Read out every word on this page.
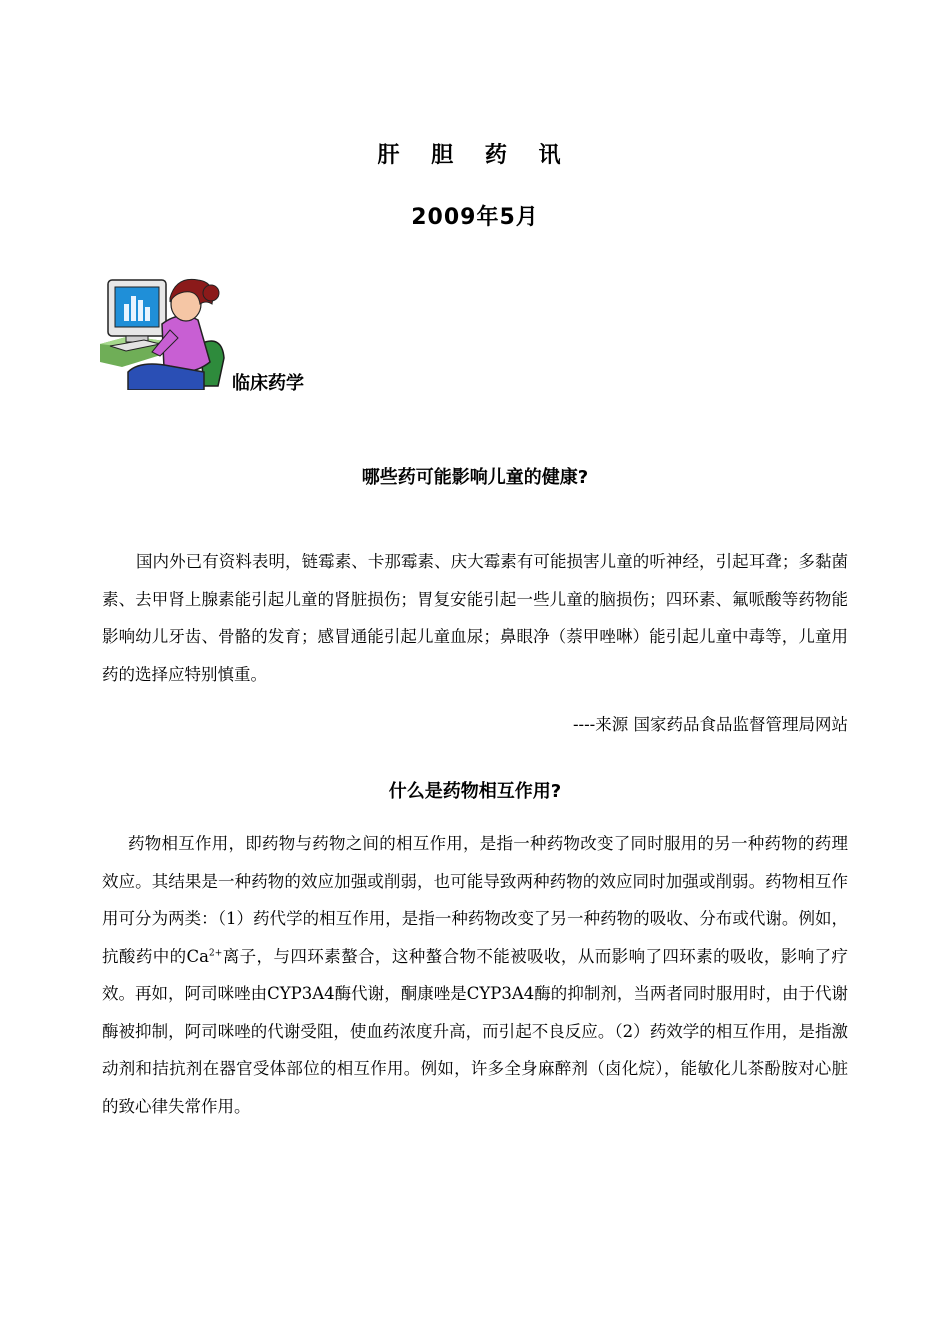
肝 胆 药 讯
2009年5月
临床药学
哪些药可能影响儿童的健康?

国内外已有资料表明，链霉素、卡那霉素、庆大霉素有可能损害儿童的听神经，引起耳聋；多黏菌素、去甲肾上腺素能引起儿童的肾脏损伤；胃复安能引起一些儿童的脑损伤；四环素、氟哌酸等药物能影响幼儿牙齿、骨骼的发育；感冒通能引起儿童血尿；鼻眼净（萘甲唑啉）能引起儿童中毒等，儿童用药的选择应特别慎重。

----来源 国家药品食品监督管理局网站
什么是药物相互作用?

药物相互作用，即药物与药物之间的相互作用，是指一种药物改变了同时服用的另一种药物的药理效应。其结果是一种药物的效应加强或削弱，也可能导致两种药物的效应同时加强或削弱。药物相互作用可分为两类：（1）药代学的相互作用，是指一种药物改变了另一种药物的吸收、分布或代谢。例如，抗酸药中的$Ca^{2+}$离子，与四环素螯合，这种螯合物不能被吸收，从而影响了四环素的吸收，影响了疗效。再如，阿司咪唑由CYP3A4酶代谢，酮康唑是CYP3A4酶的抑制剂，当两者同时服用时，由于代谢酶被抑制，阿司咪唑的代谢受阻，使血药浓度升高，而引起不良反应。（2）药效学的相互作用，是指激动剂和拮抗剂在器官受体部位的相互作用。例如，许多全身麻醉剂（卤化烷），能敏化儿茶酚胺对心脏的致心律失常作用。
